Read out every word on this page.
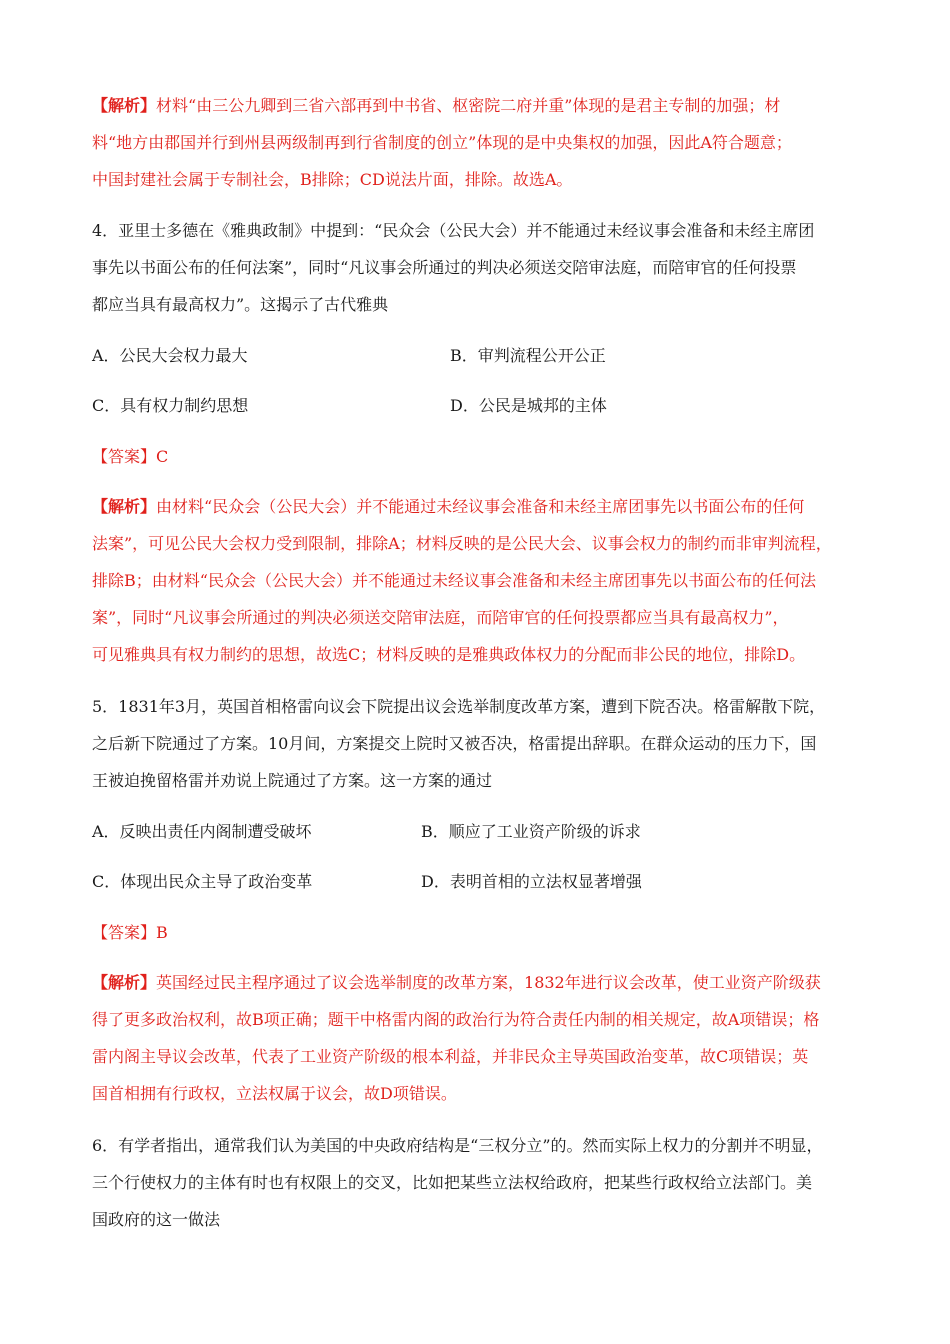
【解析】材料“由三公九卿到三省六部再到中书省、枢密院二府并重”体现的是君主专制的加强；材
料“地方由郡国并行到州县两级制再到行省制度的创立”体现的是中央集权的加强，因此A符合题意；
中国封建社会属于专制社会，B排除；CD说法片面，排除。故选A。
4．亚里士多德在《雅典政制》中提到：“民众会（公民大会）并不能通过未经议事会准备和未经主席团
事先以书面公布的任何法案”，同时“凡议事会所通过的判决必须送交陪审法庭，而陪审官的任何投票
都应当具有最高权力”。这揭示了古代雅典
A．公民大会权力最大	B．审判流程公开公正
C．具有权力制约思想	D．公民是城邦的主体
【答案】C
【解析】由材料“民众会（公民大会）并不能通过未经议事会准备和未经主席团事先以书面公布的任何
法案”，可见公民大会权力受到限制，排除A；材料反映的是公民大会、议事会权力的制约而非审判流程，
排除B；由材料“民众会（公民大会）并不能通过未经议事会准备和未经主席团事先以书面公布的任何法
案”，同时“凡议事会所通过的判决必须送交陪审法庭，而陪审官的任何投票都应当具有最高权力”，
可见雅典具有权力制约的思想，故选C；材料反映的是雅典政体权力的分配而非公民的地位，排除D。
5．1831年3月，英国首相格雷向议会下院提出议会选举制度改革方案，遭到下院否决。格雷解散下院，
之后新下院通过了方案。10月间，方案提交上院时又被否决，格雷提出辞职。在群众运动的压力下，国
王被迫挽留格雷并劝说上院通过了方案。这一方案的通过
A．反映出责任内阁制遭受破坏	B．顺应了工业资产阶级的诉求
C．体现出民众主导了政治变革	D．表明首相的立法权显著增强
【答案】B
【解析】英国经过民主程序通过了议会选举制度的改革方案，1832年进行议会改革，使工业资产阶级获
得了更多政治权利，故B项正确；题干中格雷内阁的政治行为符合责任内制的相关规定，故A项错误；格
雷内阁主导议会改革，代表了工业资产阶级的根本利益，并非民众主导英国政治变革，故C项错误；英
国首相拥有行政权，立法权属于议会，故D项错误。
6．有学者指出，通常我们认为美国的中央政府结构是“三权分立”的。然而实际上权力的分割并不明显，
三个行使权力的主体有时也有权限上的交叉，比如把某些立法权给政府，把某些行政权给立法部门。美
国政府的这一做法
